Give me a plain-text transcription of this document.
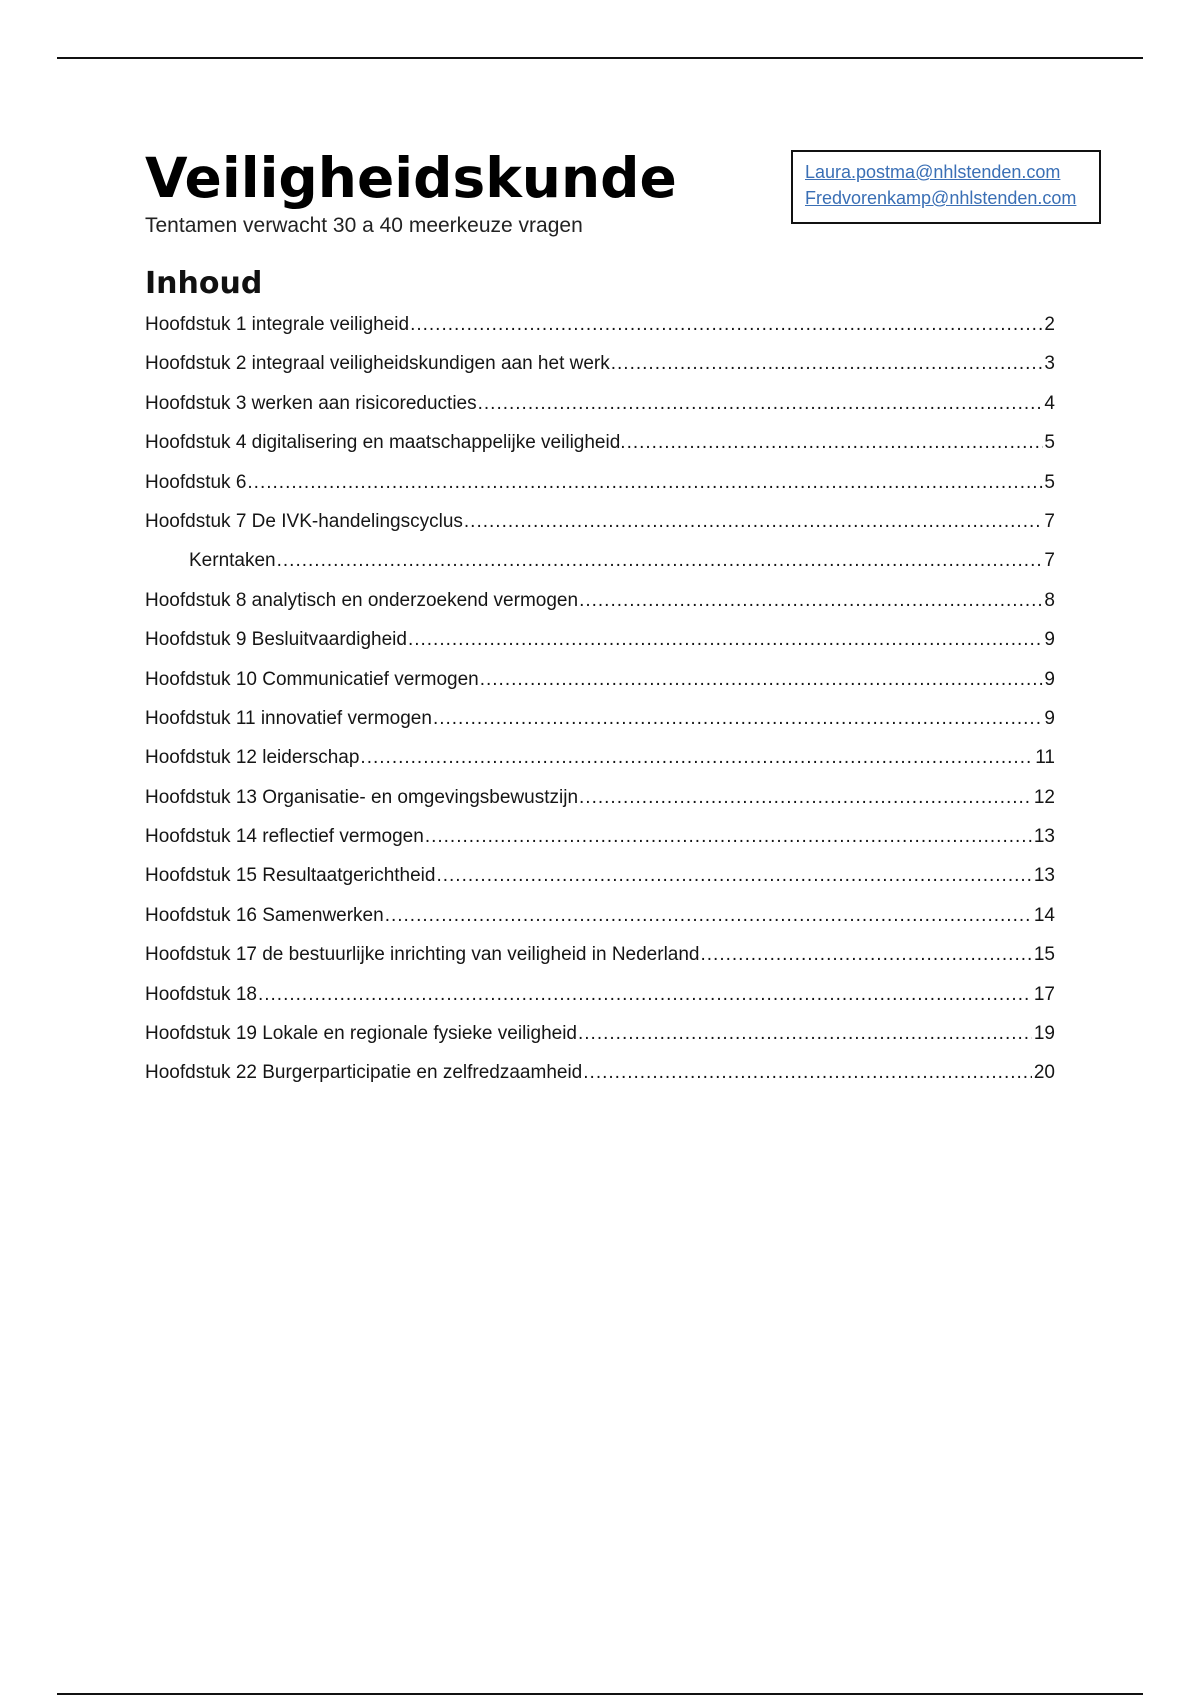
Veiligheidskunde
Tentamen verwacht 30 a 40 meerkeuze vragen
Laura.postma@nhlstenden.com
Fredvorenkamp@nhlstenden.com
Inhoud
Hoofdstuk 1 integrale veiligheid .....	2
Hoofdstuk 2 integraal veiligheidskundigen aan het werk .....	3
Hoofdstuk 3 werken aan risicoreducties .....	4
Hoofdstuk 4 digitalisering en maatschappelijke veiligheid. .....	5
Hoofdstuk 6 .....	5
Hoofdstuk 7 De IVK-handelingscyclus .....	7
Kerntaken .....	7
Hoofdstuk 8 analytisch en onderzoekend vermogen .....	8
Hoofdstuk 9 Besluitvaardigheid .....	9
Hoofdstuk 10 Communicatief vermogen .....	9
Hoofdstuk 11 innovatief vermogen .....	9
Hoofdstuk 12 leiderschap .....	11
Hoofdstuk 13 Organisatie- en omgevingsbewustzijn .....	12
Hoofdstuk 14 reflectief vermogen .....	13
Hoofdstuk 15 Resultaatgerichtheid .....	13
Hoofdstuk 16 Samenwerken .....	14
Hoofdstuk 17 de bestuurlijke inrichting van veiligheid in Nederland .....	15
Hoofdstuk 18 .....	17
Hoofdstuk 19 Lokale en regionale fysieke veiligheid .....	19
Hoofdstuk 22 Burgerparticipatie en zelfredzaamheid .....	20
